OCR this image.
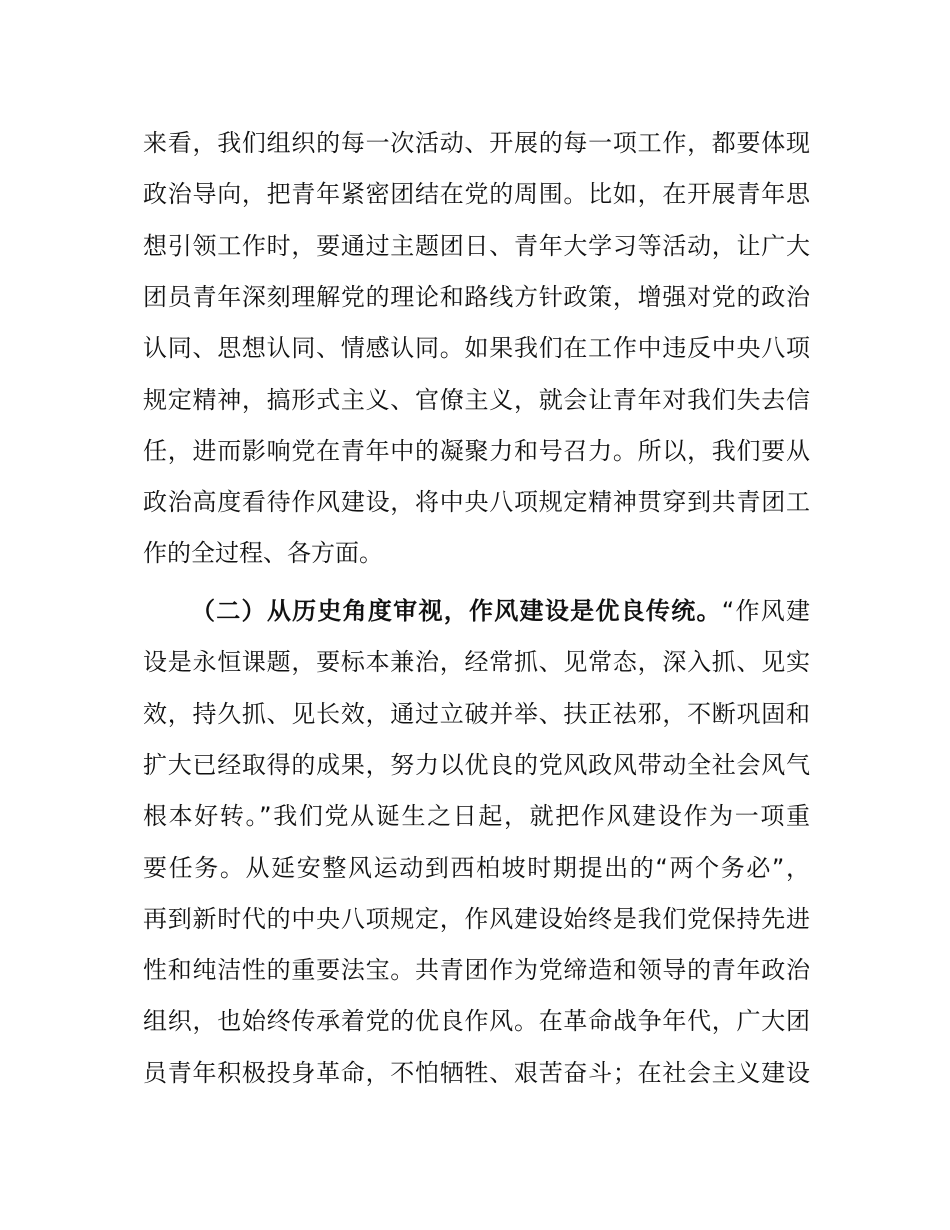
来看，我们组织的每一次活动、开展的每一项工作，都要体现
政治导向，把青年紧密团结在党的周围。比如，在开展青年思
想引领工作时，要通过主题团日、青年大学习等活动，让广大
团员青年深刻理解党的理论和路线方针政策，增强对党的政治
认同、思想认同、情感认同。如果我们在工作中违反中央八项
规定精神，搞形式主义、官僚主义，就会让青年对我们失去信
任，进而影响党在青年中的凝聚力和号召力。所以，我们要从
政治高度看待作风建设，将中央八项规定精神贯穿到共青团工
作的全过程、各方面。
（二）从历史角度审视，作风建设是优良传统。“作风建
设是永恒课题，要标本兼治，经常抓、见常态，深入抓、见实
效，持久抓、见长效，通过立破并举、扶正祛邪，不断巩固和
扩大已经取得的成果，努力以优良的党风政风带动全社会风气
根本好转。”我们党从诞生之日起，就把作风建设作为一项重
要任务。从延安整风运动到西柏坡时期提出的“两个务必”，
再到新时代的中央八项规定，作风建设始终是我们党保持先进
性和纯洁性的重要法宝。共青团作为党缔造和领导的青年政治
组织，也始终传承着党的优良作风。在革命战争年代，广大团
员青年积极投身革命，不怕牺牲、艰苦奋斗；在社会主义建设
